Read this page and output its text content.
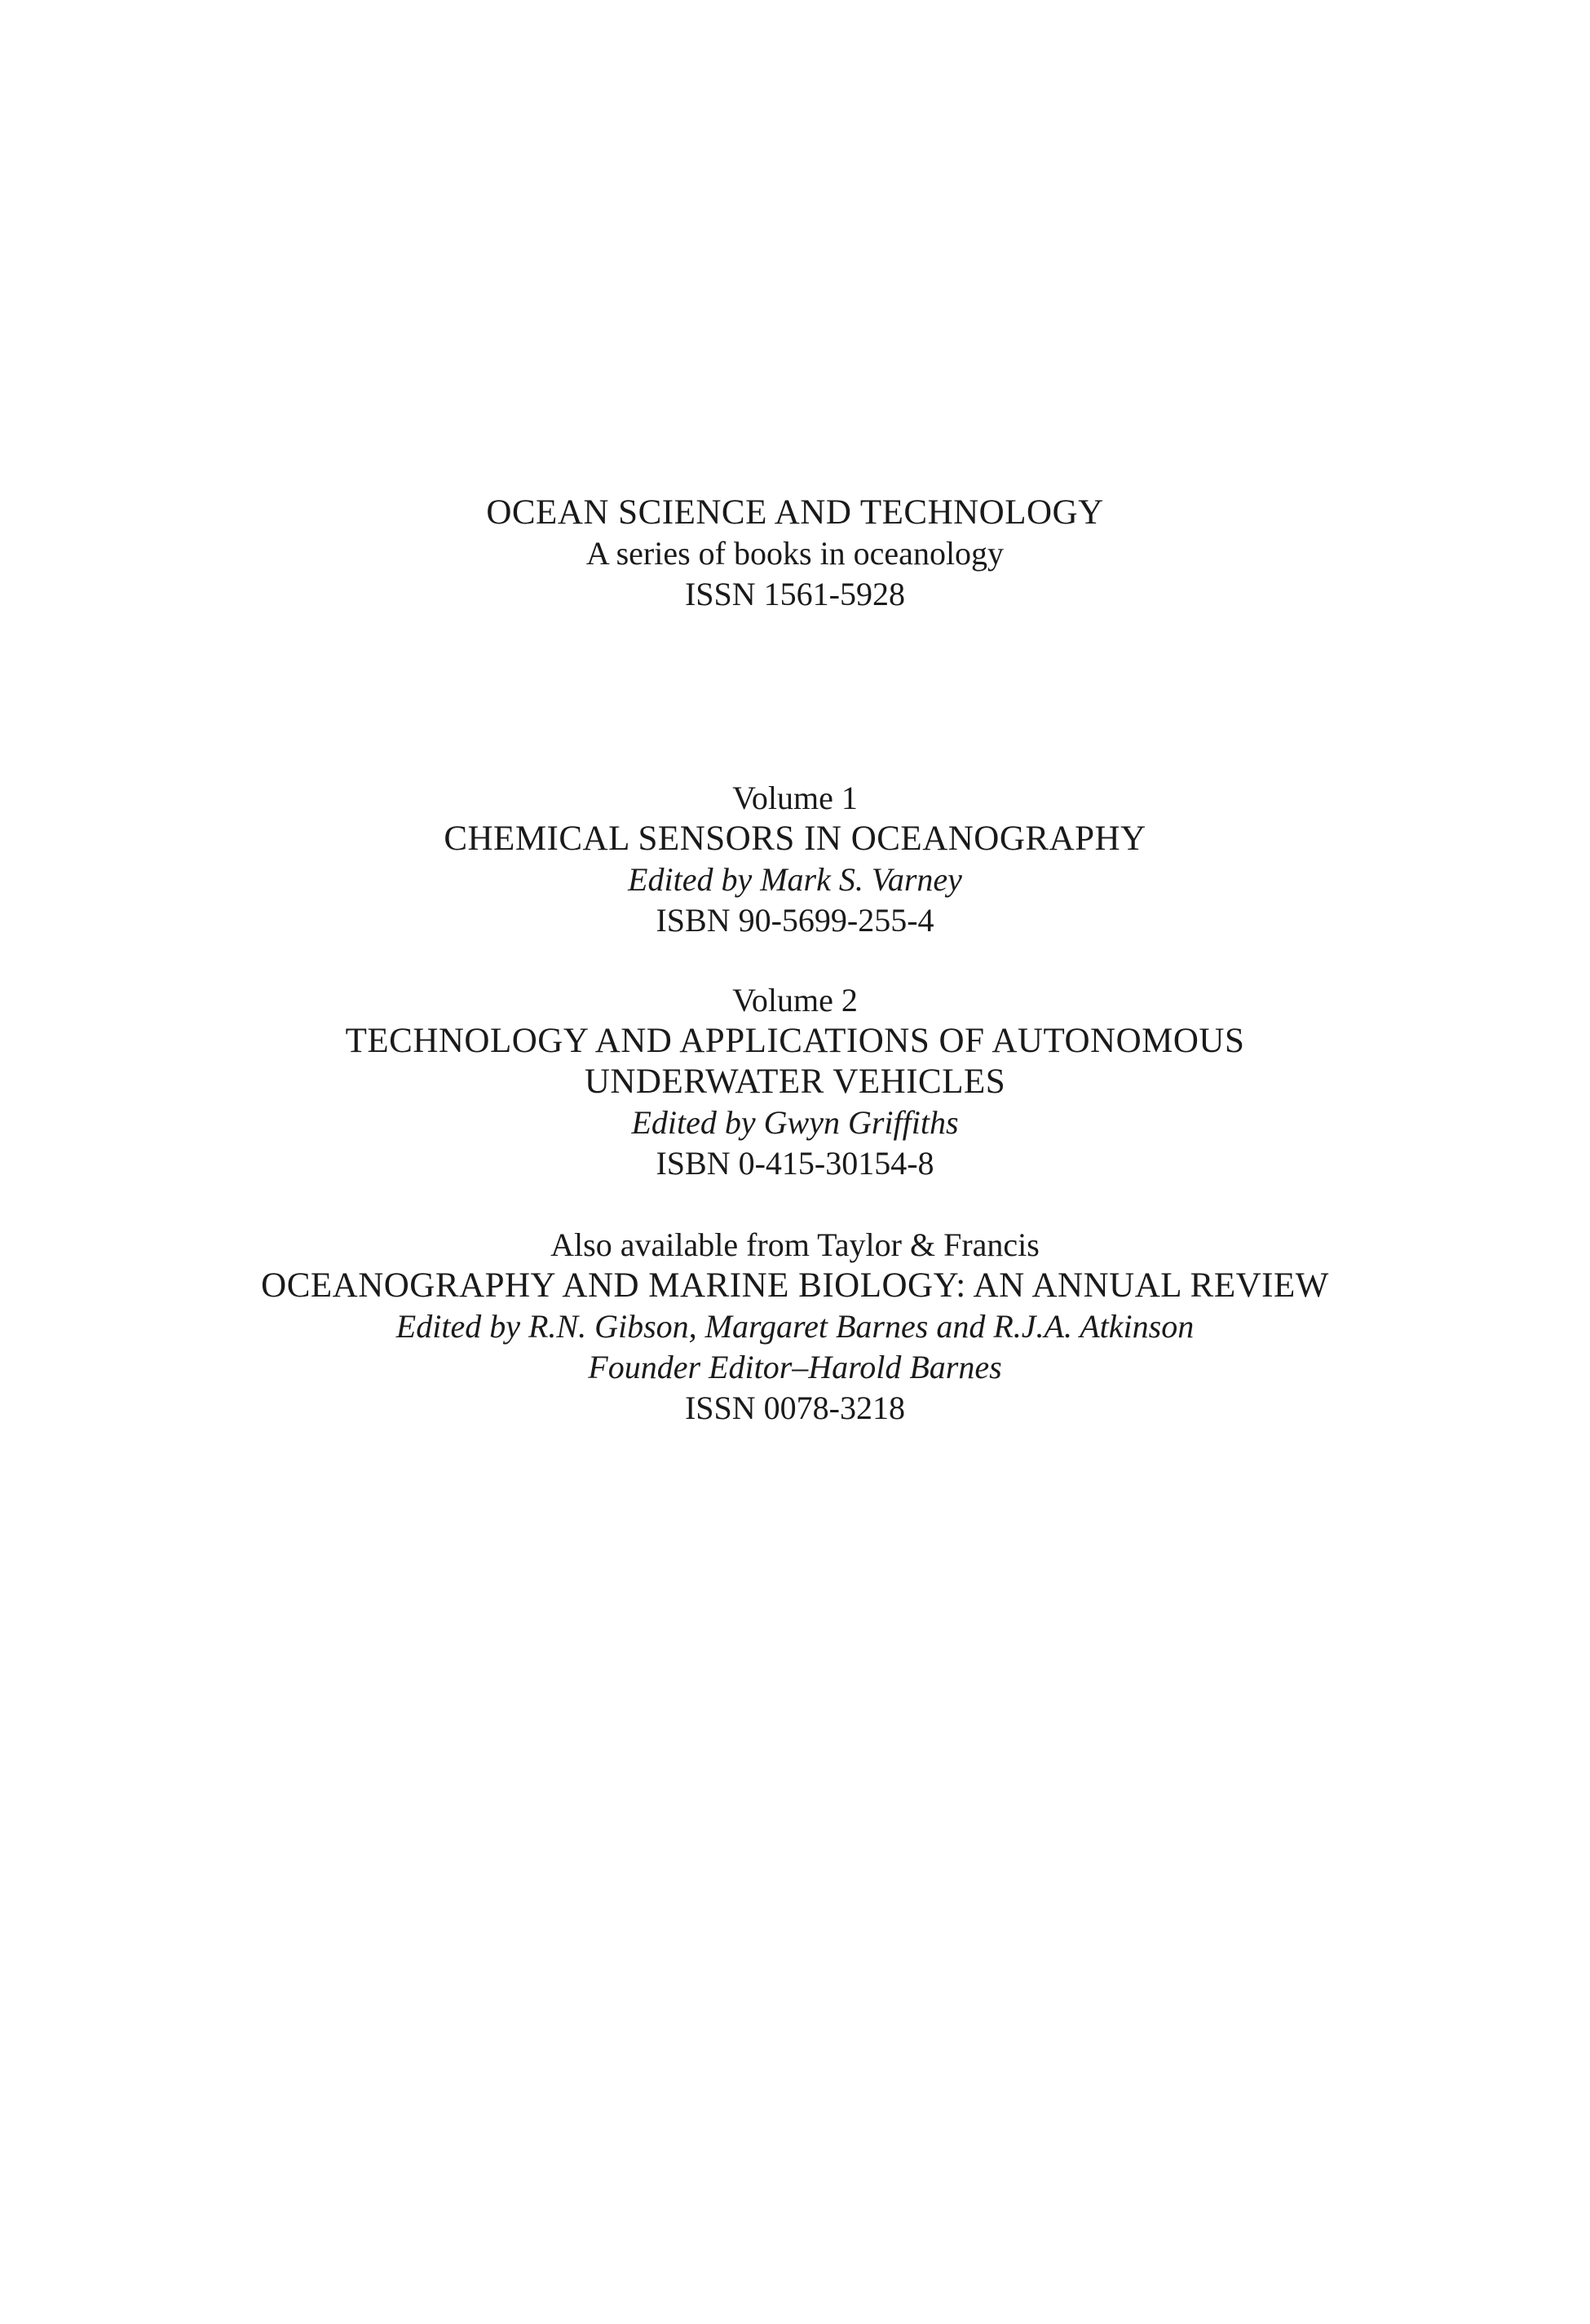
OCEAN SCIENCE AND TECHNOLOGY
A series of books in oceanology
ISSN 1561-5928
Volume 1
CHEMICAL SENSORS IN OCEANOGRAPHY
Edited by Mark S. Varney
ISBN 90-5699-255-4
Volume 2
TECHNOLOGY AND APPLICATIONS OF AUTONOMOUS
UNDERWATER VEHICLES
Edited by Gwyn Griffiths
ISBN 0-415-30154-8
Also available from Taylor & Francis
OCEANOGRAPHY AND MARINE BIOLOGY: AN ANNUAL REVIEW
Edited by R.N. Gibson, Margaret Barnes and R.J.A. Atkinson
Founder Editor–Harold Barnes
ISSN 0078-3218
